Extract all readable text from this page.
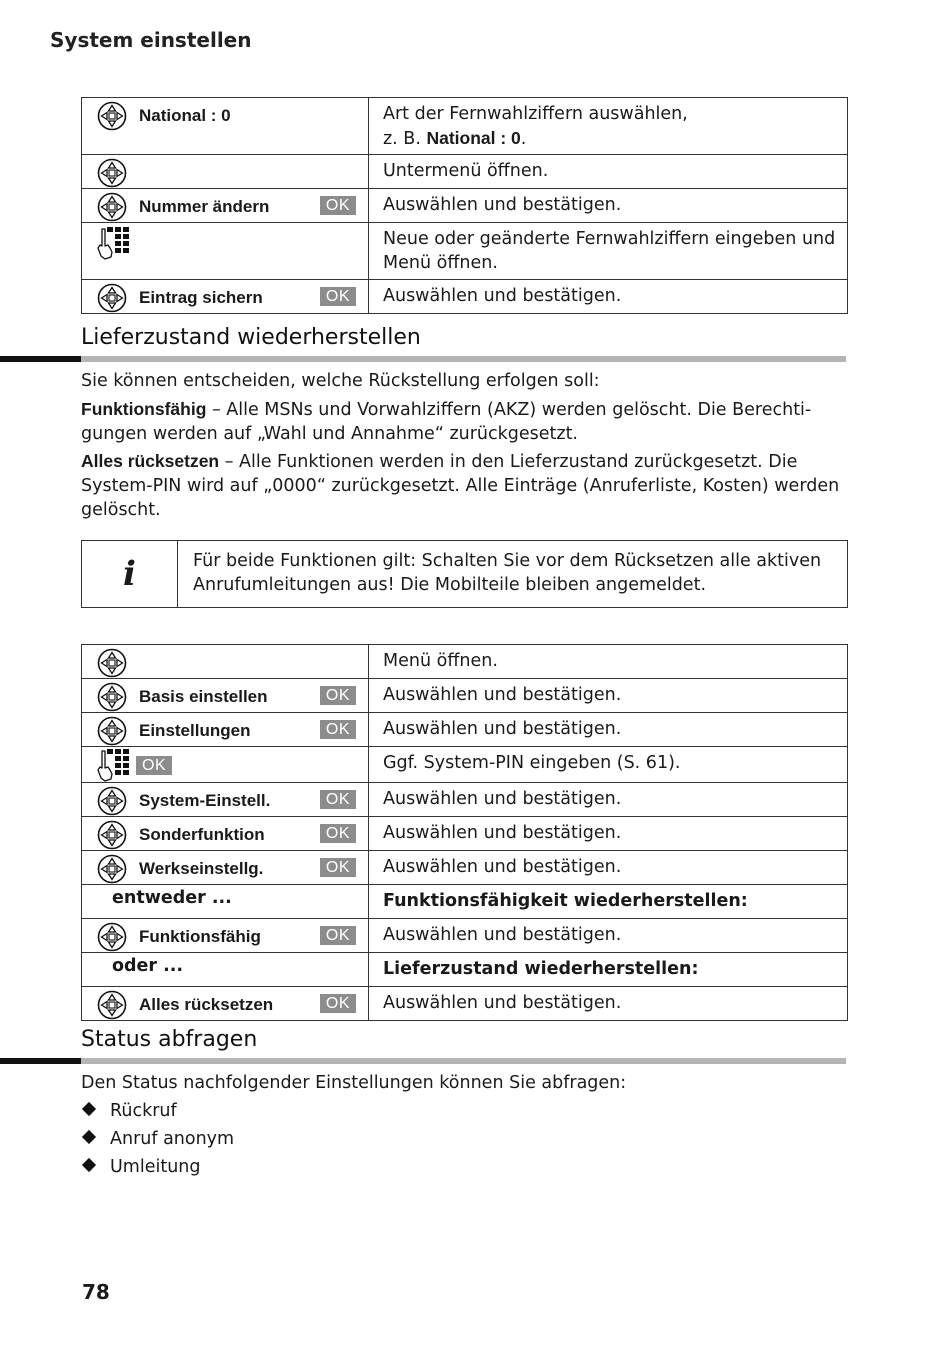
System einstellen
National : 0	Art der Fernwahlziffern auswählen,
z. B. National : 0.

	Untermenü öffnen.

Nummer ändern OK	Auswählen und bestätigen.

	Neue oder geänderte Fernwahlziffern eingeben und Menü öffnen.

Eintrag sichern OK	Auswählen und bestätigen.
Lieferzustand wiederherstellen
Sie können entscheiden, welche Rückstellung erfolgen soll:
Funktionsfähig – Alle MSNs und Vorwahlziffern (AKZ) werden gelöscht. Die Berechti-
gungen werden auf „Wahl und Annahme“ zurückgesetzt.
Alles rücksetzen – Alle Funktionen werden in den Lieferzustand zurückgesetzt. Die
System-PIN wird auf „0000“ zurückgesetzt. Alle Einträge (Anruferliste, Kosten) werden
gelöscht.
i	Für beide Funktionen gilt: Schalten Sie vor dem Rücksetzen alle aktiven
Anrufumleitungen aus! Die Mobilteile bleiben angemeldet.
	Menü öffnen.

Basis einstellen OK	Auswählen und bestätigen.

Einstellungen OK	Auswählen und bestätigen.

OK	Ggf. System-PIN eingeben (S. 61).

System-Einstell. OK	Auswählen und bestätigen.

Sonderfunktion OK	Auswählen und bestätigen.

Werkseinstellg. OK	Auswählen und bestätigen.

entweder ...	Funktionsfähigkeit wiederherstellen:

Funktionsfähig OK	Auswählen und bestätigen.

oder ...	Lieferzustand wiederherstellen:

Alles rücksetzen OK	Auswählen und bestätigen.
Status abfragen
Den Status nachfolgender Einstellungen können Sie abfragen:
Rückruf
Anruf anonym
Umleitung
78
